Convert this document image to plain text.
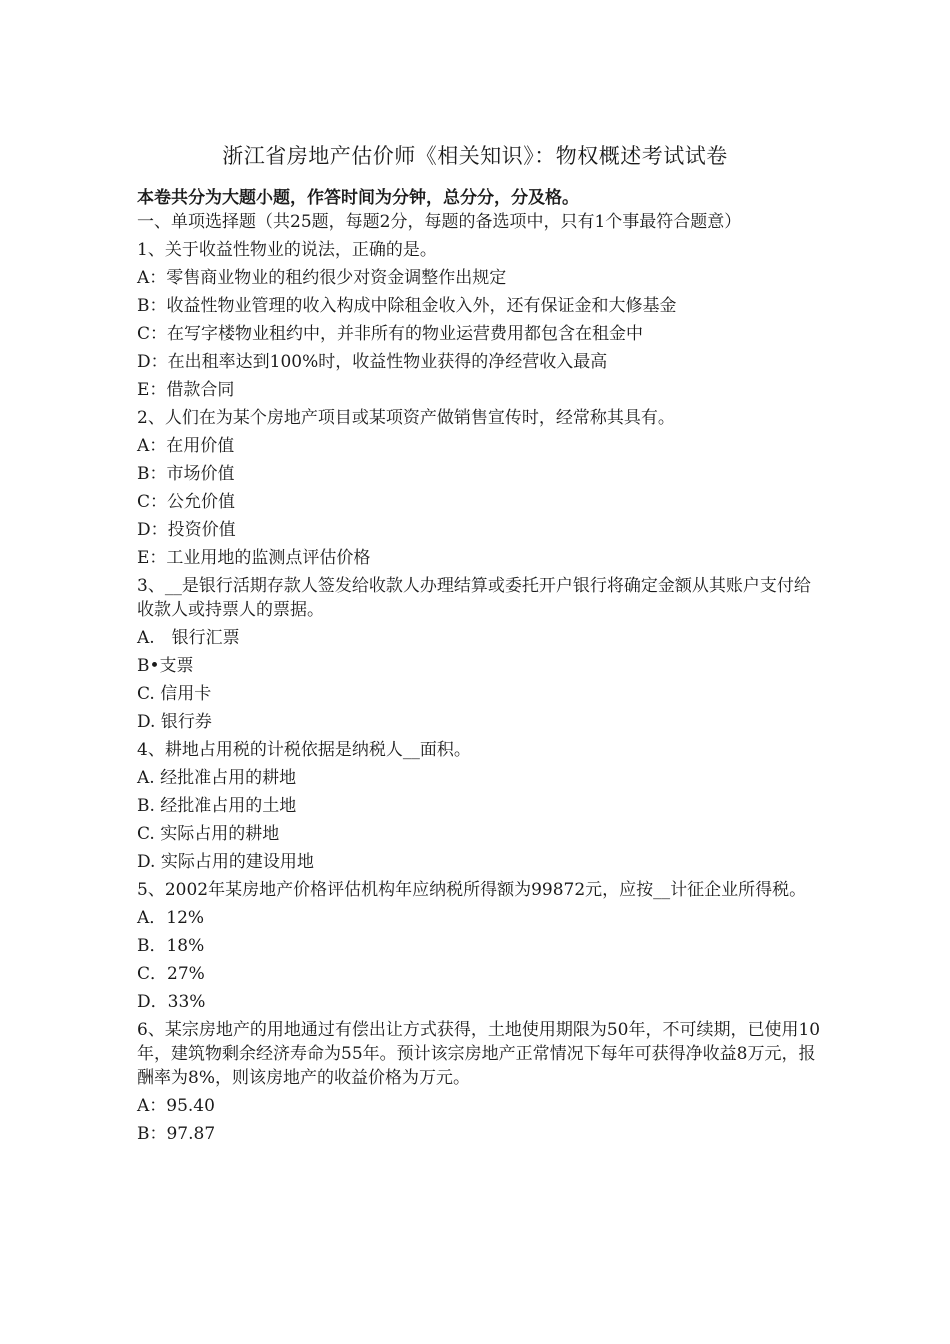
浙江省房地产估价师《相关知识》：物权概述考试试卷
本卷共分为大题小题，作答时间为分钟，总分分，分及格。
一、单项选择题（共25题，每题2分，每题的备选项中，只有1个事最符合题意）
1、关于收益性物业的说法，正确的是。
A：零售商业物业的租约很少对资金调整作出规定
B：收益性物业管理的收入构成中除租金收入外，还有保证金和大修基金
C：在写字楼物业租约中，并非所有的物业运营费用都包含在租金中
D：在出租率达到100%时，收益性物业获得的净经营收入最高
E：借款合同
2、人们在为某个房地产项目或某项资产做销售宣传时，经常称其具有。
A：在用价值
B：市场价值
C：公允价值
D：投资价值
E：工业用地的监测点评估价格
3、__是银行活期存款人签发给收款人办理结算或委托开户银行将确定金额从其账户支付给收款人或持票人的票据。
A.　银行汇票
B•支票
C. 信用卡
D. 银行券
4、耕地占用税的计税依据是纳税人__面积。
A. 经批准占用的耕地
B. 经批准占用的土地
C. 实际占用的耕地
D. 实际占用的建设用地
5、2002年某房地产价格评估机构年应纳税所得额为99872元，应按__计征企业所得税。
A．12%
B．18%
C．27%
D．33%
6、某宗房地产的用地通过有偿出让方式获得，土地使用期限为50年，不可续期，已使用10年，建筑物剩余经济寿命为55年。预计该宗房地产正常情况下每年可获得净收益8万元，报酬率为8%，则该房地产的收益价格为万元。
A：95.40
B：97.87
